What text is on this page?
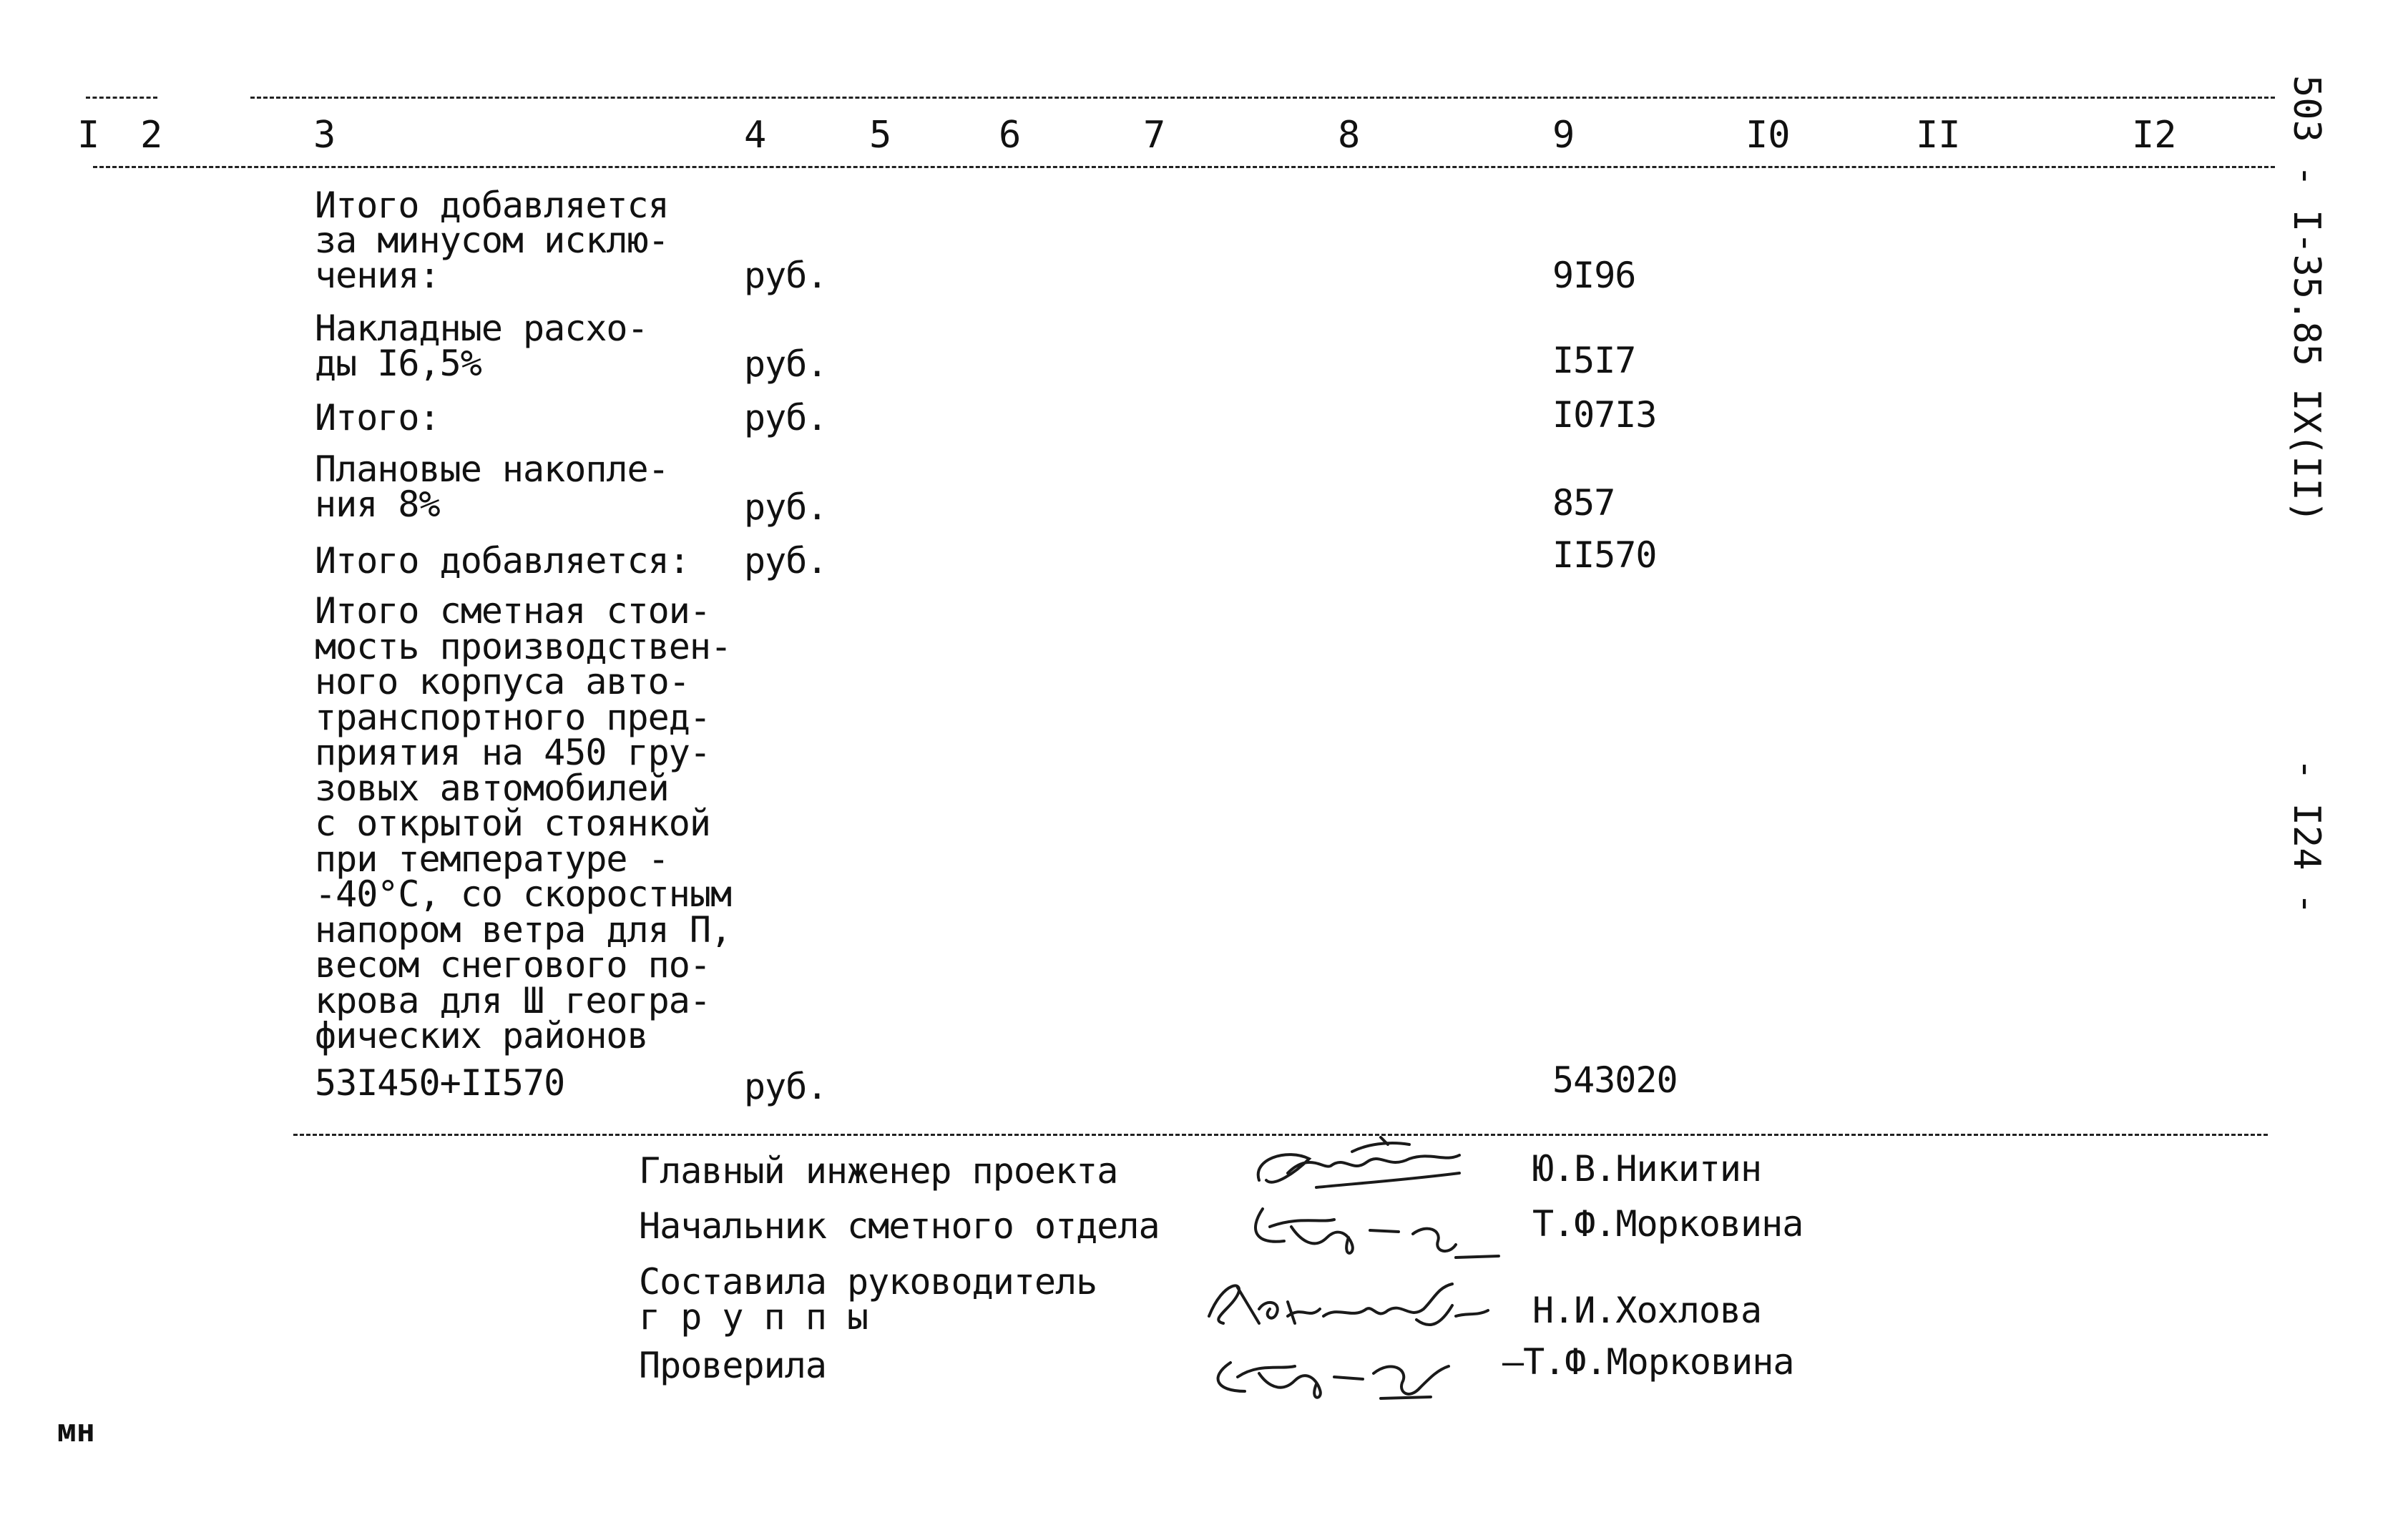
I 2	3	4	5	6	7	8	9	I0	II	I2	503 - I-35.85 IX(II)
- I24 -
Итого добавляется
за минусом исклю-
чения:	руб.	9I96
Накладные расхо-
ды I6,5%	руб.	I5I7
Итого:	руб.	I07I3
Плановые накопле-
ния 8%	руб.	857
Итого добавляется: руб.	II570
Итого сметная стои-
мость производствен-
ного корпуса авто-
транспортного пред-
приятия на 450 гру-
зовых автомобилей
с открытой стоянкой
при температуре -
-40°С, со скоростным
напором ветра для П,
весом снегового по-
крова для Ш геогра-
фических районов
53I450+II570	руб.	543020
Главный инженер проекта	Ю.В.Никитин
Начальник сметного отдела	Т.Ф.Морковина
Составила руководитель
г р у п п ы	Н.И.Хохлова
Проверила	—Т.Ф.Морковина
мн
